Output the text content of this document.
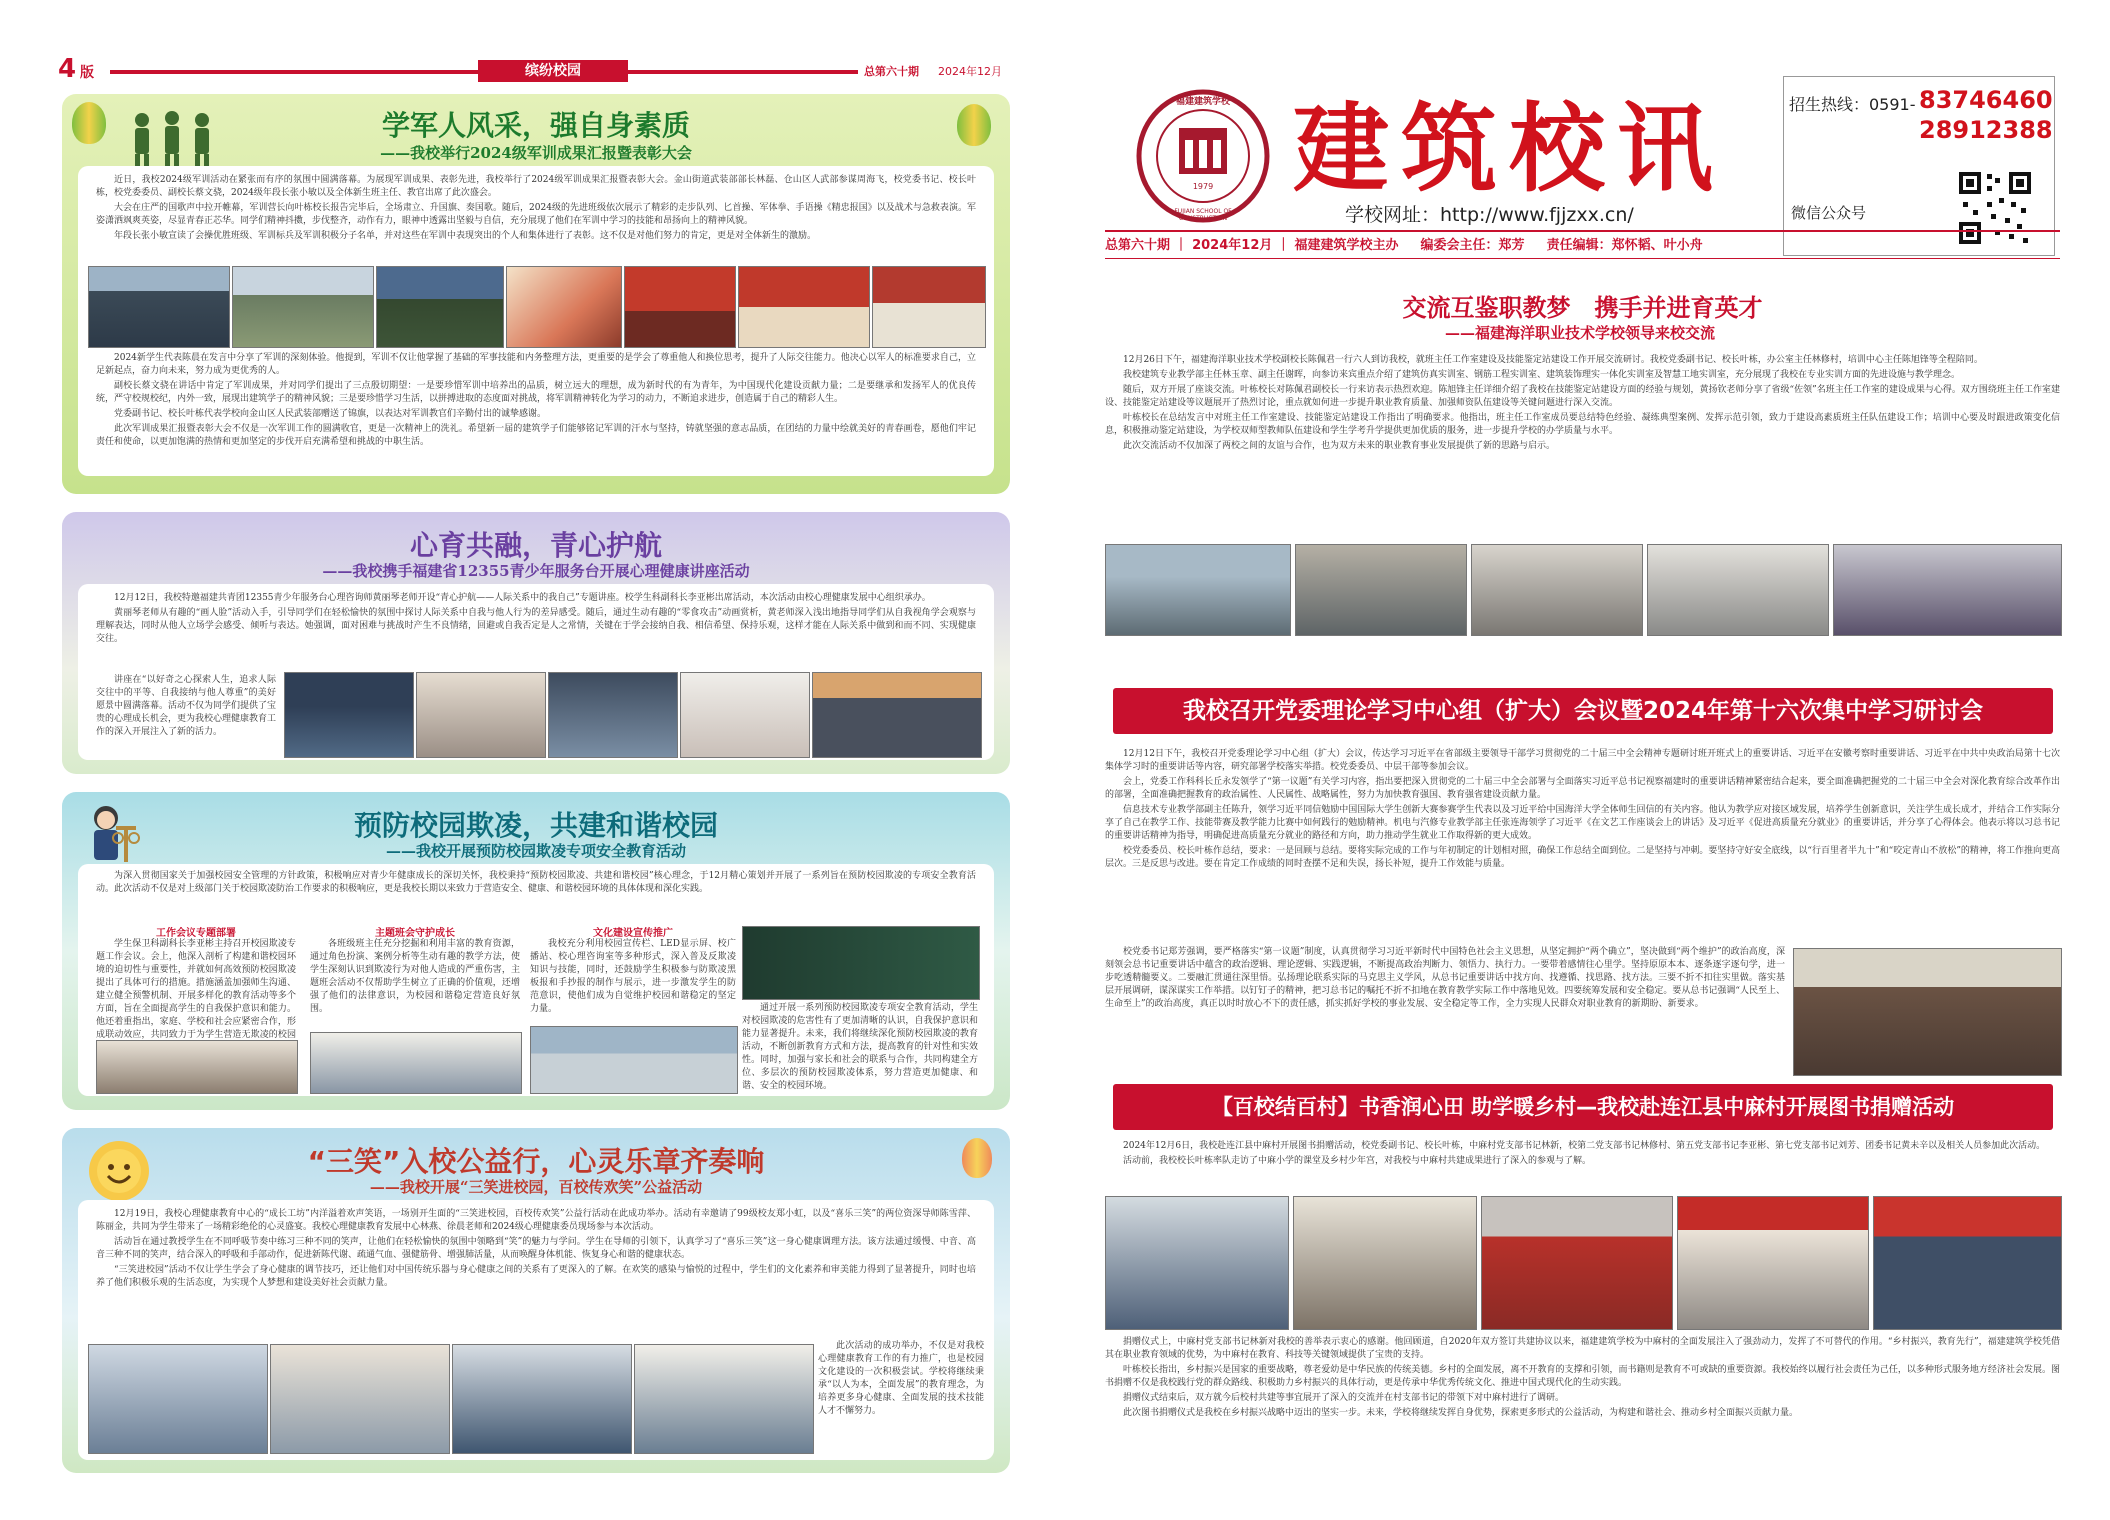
4 版	缤纷校园	总第六十期 2024年12月
学军人风采，强自身素质
——我校举行2024级军训成果汇报暨表彰大会

近日，我校2024级军训活动在紧张而有序的氛围中圆满落幕。为展现军训成果、表彰先进，我校举行了2024级军训成果汇报暨表彰大会。金山街道武装部部长林磊、仓山区人武部参谋周海飞，校党委书记、校长叶栋，校党委委员、副校长蔡文骁，2024级年段长张小敏以及全体新生班主任、教官出席了此次盛会。

大会在庄严的国歌声中拉开帷幕，军训营长向叶栋校长报告完毕后，全场肃立、升国旗、奏国歌。随后，2024级的先进班级依次展示了精彩的走步队列、匕首操、军体拳、手语操《精忠报国》以及战术与急救表演。军姿潇洒飒爽英姿，尽显青春正芯华。同学们精神抖擞，步伐整齐，动作有力，眼神中透露出坚毅与自信，充分展现了他们在军训中学习的技能和昂扬向上的精神风貌。

年段长张小敏宣读了会操优胜班级、军训标兵及军训积极分子名单，并对这些在军训中表现突出的个人和集体进行了表彰。这不仅是对他们努力的肯定，更是对全体新生的激励。

2024新学生代表陈晨在发言中分享了军训的深刻体验。他提到，军训不仅让他掌握了基础的军事技能和内务整理方法，更重要的是学会了尊重他人和换位思考，提升了人际交往能力。他决心以军人的标准要求自己，立足新起点，奋力向未来，努力成为更优秀的人。

副校长蔡文骁在讲话中肯定了军训成果，并对同学们提出了三点殷切期望：一是要珍惜军训中培养出的品质，树立远大的理想，成为新时代的有为青年，为中国现代化建设贡献力量；二是要继承和发扬军人的优良传统，严守校规校纪，内外一致，展现出建筑学子的精神风貌；三是要珍惜学习生活，以拼搏进取的态度面对挑战，将军训精神转化为学习的动力，不断追求进步，创造属于自己的精彩人生。

党委副书记、校长叶栋代表学校向金山区人民武装部赠送了锦旗，以表达对军训教官们辛勤付出的诚挚感谢。

此次军训成果汇报暨表彰大会不仅是一次军训工作的圆满收官，更是一次精神上的洗礼。希望新一届的建筑学子们能够铭记军训的汗水与坚持，铸就坚强的意志品质，在团结的力量中绘就美好的青春画卷，愿他们牢记责任和使命，以更加饱满的热情和更加坚定的步伐开启充满希望和挑战的中职生活。

心育共融，青心护航
——我校携手福建省12355青少年服务台开展心理健康讲座活动

12月12日，我校特邀福建共青团12355青少年服务台心理咨询师黄丽琴老师开设“青心护航——人际关系中的我自己”专题讲座。校学生科副科长李亚彬出席活动，本次活动由校心理健康发展中心组织承办。

黄丽琴老师从有趣的“画人脸”活动入手，引导同学们在轻松愉快的氛围中探讨人际关系中自我与他人行为的差异感受。随后，通过生动有趣的“零食攻击”动画赏析，黄老师深入浅出地指导同学们从自我视角学会观察与理解表达，同时从他人立场学会感受、倾听与表达。她强调，面对困难与挑战时产生不良情绪，回避或自我否定是人之常情，关键在于学会接纳自我、相信希望、保持乐观，这样才能在人际关系中做到和而不同、实现健康交往。

讲座在“以好奇之心探索人生，追求人际交往中的平等、自我接纳与他人尊重”的美好愿景中圆满落幕。活动不仅为同学们提供了宝贵的心理成长机会，更为我校心理健康教育工作的深入开展注入了新的活力。

预防校园欺凌，共建和谐校园
——我校开展预防校园欺凌专项安全教育活动

为深入贯彻国家关于加强校园安全管理的方针政策，积极响应对青少年健康成长的深切关怀，我校秉持“预防校园欺凌、共建和谐校园”核心理念，于12月精心策划并开展了一系列旨在预防校园欺凌的专项安全教育活动。此次活动不仅是对上级部门关于校园欺凌防治工作要求的积极响应，更是我校长期以来致力于营造安全、健康、和谐校园环境的具体体现和深化实践。

工作会议专题部署	主题班会守护成长	文化建设宣传推广

学生保卫科副科长李亚彬主持召开校园欺凌专题工作会议。会上，他深入剖析了构建和谐校园环境的迫切性与重要性，并就如何高效预防校园欺凌提出了具体可行的措施。措施涵盖加强师生沟通、建立健全预警机制、开展多样化的教育活动等多个方面，旨在全面提高学生的自我保护意识和能力。他还着重指出，家庭、学校和社会应紧密合作，形成联动效应，共同致力于为学生营造无欺凌的校园

各班级班主任充分挖掘和利用丰富的教育资源，通过角色扮演、案例分析等生动有趣的教学方法，使学生深刻认识到欺凌行为对他人造成的严重伤害，主题班会活动不仅帮助学生树立了正确的价值观，还增强了他们的法律意识，为校园和谐稳定营造良好氛围。

我校充分利用校园宣传栏、LED显示屏、校广播站、校心理咨询室等多种形式，深入普及反欺凌知识与技能，同时，还鼓励学生积极参与防欺凌黑板报和手抄报的制作与展示，进一步激发学生的防范意识，使他们成为自觉维护校园和谐稳定的坚定力量。	通过开展一系列预防校园欺凌专项安全教育活动，学生对校园欺凌的危害性有了更加清晰的认识，自我保护意识和能力显著提升。未来，我们将继续深化预防校园欺凌的教育活动，不断创新教育方式和方法，提高教育的针对性和实效性。同时，加强与家长和社会的联系与合作，共同构建全方位、多层次的预防校园欺凌体系，努力营造更加健康、和谐、安全的校园环境。

“三笑”入校公益行，心灵乐章齐奏响
——我校开展“三笑进校园，百校传欢笑”公益活动

12月19日，我校心理健康教育中心的“成长工坊”内洋溢着欢声笑语，一场别开生面的“三笑进校园，百校传欢笑”公益行活动在此成功举办。活动有幸邀请了99级校友郑小虹，以及“喜乐三笑”的两位资深导师陈雪萍、陈丽金，共同为学生带来了一场精彩绝伦的心灵盛宴。我校心理健康教育发展中心林燕、徐晨老师和2024级心理健康委员现场参与本次活动。

活动旨在通过教授学生在不同呼吸节奏中练习三种不同的笑声，让他们在轻松愉快的氛围中领略到“笑”的魅力与学问。学生在导师的引领下，认真学习了“喜乐三笑”这一身心健康调理方法。该方法通过缓慢、中音、高音三种不同的笑声，结合深入的呼吸和手部动作，促进新陈代谢、疏通气血、强健筋骨、增强肺活量，从而唤醒身体机能、恢复身心和谐的健康状态。

“三笑进校园”活动不仅让学生学会了身心健康的调节技巧，还让他们对中国传统乐器与身心健康之间的关系有了更深入的了解。在欢笑的感染与愉悦的过程中，学生们的文化素养和审美能力得到了显著提升，同时也培养了他们积极乐观的生活态度，为实现个人梦想和建设美好社会贡献力量。

此次活动的成功举办，不仅是对我校心理健康教育工作的有力推广，也是校园文化建设的一次积极尝试。学校将继续秉承“以人为本，全面发展”的教育理念，为培养更多身心健康、全面发展的技术技能人才不懈努力。

福建建筑学校
FUJIAN SCHOOL OF CONSTRUCTION
1979 建筑校讯
学校网址：http://www.fjjzxx.cn/
招生热线：0591- 83746460
28912388
微信公众号
总第六十期 ｜ 2024年12月 ｜ 福建建筑学校主办 　 编委会主任：郑芳 　 责任编辑：郑怀韬、叶小舟
交流互鉴职教梦　携手并进育英才
——福建海洋职业技术学校领导来校交流

12月26日下午，福建海洋职业技术学校副校长陈佩君一行六人到访我校，就班主任工作室建设及技能鉴定站建设工作开展交流研讨。我校党委副书记、校长叶栋，办公室主任林修村，培训中心主任陈旭锋等全程陪同。

我校建筑专业教学部主任林玉章、副主任谢晖，向参访来宾重点介绍了建筑仿真实训室、钢筋工程实训室、建筑装饰理实一体化实训室及智慧工地实训室，充分展现了我校在专业实训方面的先进设施与教学理念。

随后，双方开展了座谈交流。叶栋校长对陈佩君副校长一行来访表示热烈欢迎。陈旭锋主任详细介绍了我校在技能鉴定站建设方面的经验与规划，黄扬钦老师分享了省级“佐领”名班主任工作室的建设成果与心得。双方围绕班主任工作室建设、技能鉴定站建设等议题展开了热烈讨论，重点就如何进一步提升职业教育质量、加强师资队伍建设等关键问题进行深入交流。

叶栋校长在总结发言中对班主任工作室建设、技能鉴定站建设工作指出了明确要求。他指出，班主任工作室成员要总结特色经验、凝练典型案例、发挥示范引领，致力于建设高素质班主任队伍建设工作；培训中心要及时跟进政策变化信息，积极推动鉴定站建设，为学校双师型教师队伍建设和学生学考升学提供更加优质的服务，进一步提升学校的办学质量与水平。

此次交流活动不仅加深了两校之间的友谊与合作，也为双方未来的职业教育事业发展提供了新的思路与启示。

我校召开党委理论学习中心组（扩大）会议暨2024年第十六次集中学习研讨会

12月12日下午，我校召开党委理论学习中心组（扩大）会议，传达学习习近平在省部级主要领导干部学习贯彻党的二十届三中全会精神专题研讨班开班式上的重要讲话、习近平在安徽考察时重要讲话、习近平在中共中央政治局第十七次集体学习时的重要讲话等内容，研究部署学校落实举措。校党委委员、中层干部等参加会议。

会上，党委工作科科长丘永发领学了“第一议题”有关学习内容，指出要把深入贯彻党的二十届三中全会部署与全面落实习近平总书记视察福建时的重要讲话精神紧密结合起来，要全面准确把握党的二十届三中全会对深化教育综合改革作出的部署，全面准确把握教育的政治属性、人民属性、战略属性，努力为加快教育强国、教育强省建设贡献力量。

信息技术专业教学部副主任陈升，领学习近平同信勉励中国国际大学生创新大赛参赛学生代表以及习近平给中国海洋大学全体师生回信的有关内容。他认为教学应对接区域发展，培养学生创新意识，关注学生成长成才，并结合工作实际分享了自己在教学工作、技能带赛及教学能力比赛中如何践行的勉励精神。机电与汽修专业教学部主任张连海领学了习近平《在文艺工作座谈会上的讲话》及习近平《促进高质量充分就业》的重要讲话，并分享了心得体会。他表示将以习总书记的重要讲话精神为指导，明确促进高质量充分就业的路径和方向，助力推动学生就业工作取得新的更大成效。

校党委委员、校长叶栋作总结，要求：一是回顾与总结。要将实际完成的工作与年初制定的计划相对照，确保工作总结全面到位。二是坚持与冲刺。要坚持守好安全底线，以“行百里者半九十”和“咬定青山不放松”的精神，将工作推向更高层次。三是反思与改进。要在肯定工作成绩的同时查摆不足和失误，扬长补短，提升工作效能与质量。

校党委书记郑芳强调，要严格落实“第一议题”制度，认真贯彻学习习近平新时代中国特色社会主义思想，从坚定拥护“两个确立”，坚决做到“两个维护”的政治高度，深刻领会总书记重要讲话中蕴含的政治逻辑、理论逻辑、实践逻辑，不断提高政治判断力、领悟力、执行力。一要带着感情往心里学。坚持原原本本、逐条逐字逐句学，进一步吃透精髓要义。二要融汇贯通往深里悟。弘扬理论联系实际的马克思主义学风，从总书记重要讲话中找方向、找遵循、找思路、找方法。三要不折不扣往实里做。落实基层开展调研，谋深谋实工作举措。以钉钉子的精神，把习总书记的嘱托不折不扣地在教育教学实际工作中落地见效。四要统筹发展和安全稳定。要从总书记强调“人民至上、生命至上”的政治高度，真正以时时放心不下的责任感，抓实抓好学校的事业发展、安全稳定等工作，全力实现人民群众对职业教育的新期盼、新要求。

【百校结百村】书香润心田 助学暖乡村—我校赴连江县中麻村开展图书捐赠活动

2024年12月6日，我校赴连江县中麻村开展图书捐赠活动，校党委副书记、校长叶栋，中麻村党支部书记林新，校第二党支部书记林修村、第五党支部书记李亚彬、第七党支部书记刘芳、团委书记黄未辛以及相关人员参加此次活动。

活动前，我校校长叶栋率队走访了中麻小学的课堂及乡村少年宫，对我校与中麻村共建成果进行了深入的参观与了解。

捐赠仪式上，中麻村党支部书记林新对我校的善举表示衷心的感谢。他回顾道，自2020年双方签订共建协议以来，福建建筑学校为中麻村的全面发展注入了强劲动力，发挥了不可替代的作用。“乡村振兴，教育先行”，福建建筑学校凭借其在职业教育领域的优势，为中麻村在教育、科技等关键领域提供了宝贵的支持。

叶栋校长指出，乡村振兴是国家的重要战略，尊老爱幼是中华民族的传统美德。乡村的全面发展，离不开教育的支撑和引领，而书籍则是教育不可或缺的重要资源。我校始终以履行社会责任为己任，以多种形式服务地方经济社会发展。图书捐赠不仅是我校践行党的群众路线、积极助力乡村振兴的具体行动，更是传承中华优秀传统文化、推进中国式现代化的生动实践。

捐赠仪式结束后，双方就今后校村共建等事宜展开了深入的交流并在村支部书记的带领下对中麻村进行了调研。

此次图书捐赠仪式是我校在乡村振兴战略中迈出的坚实一步。未来，学校将继续发挥自身优势，探索更多形式的公益活动，为构建和谐社会、推动乡村全面振兴贡献力量。
